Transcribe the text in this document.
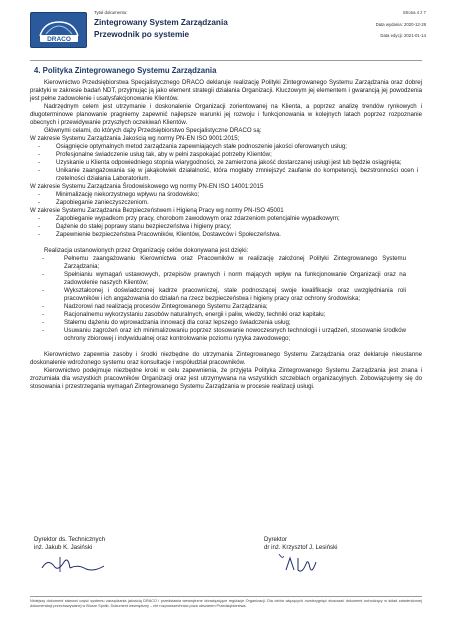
DRACO
Tytuł dokumentu:
Zintegrowany System Zarządzania
Przewodnik po systemie
Strona 4 z 7
Data wydania: 2020-12-28
Data edycji: 2021-01-14
4. Polityka Zintegrowanego Systemu Zarządzania

Kierownictwo Przedsiębiorstwa Specjalistycznego DRACO deklaruje realizację Polityki Zintegrowanego Systemu Zarządzania oraz dobrej praktyki w zakresie badań NDT, przyjmując ją jako element strategii działania Organizacji. Kluczowym jej elementem i gwarancją jej powodzenia jest pełne zadowolenie i usatysfakcjonowanie Klientów.

Nadrzędnym celem jest utrzymanie i doskonalenie Organizacji zorientowanej na Klienta, a poprzez analizę trendów rynkowych i długoterminowe planowanie pragniemy zapewnić najlepsze warunki jej rozwoju i funkcjonowania w kolejnych latach poprzez rozpoznanie obecnych i przewidywanie przyszłych oczekiwań Klientów.

Głównymi celami, do których dąży Przedsiębiorstwo Specjalistyczne DRACO są:

W zakresie Systemu Zarządzania Jakością wg normy PN-EN ISO 9001:2015;

- Osiągnięcie optymalnych metod zarządzania zapewniających stałe podnoszenie jakości oferowanych usług;
- Profesjonalne świadczenie usług tak, aby w pełni zaspokajać potrzeby Klientów;
- Uzyskanie u Klienta odpowiedniego stopnia wiarygodności, ze zamierzona jakość dostarczanej usługi jest lub będzie osiągnięta;
- Unikanie zaangażowania się w jakąkolwiek działalność, która mogłaby zmniejszyć zaufanie do kompetencji, bezstronności ocen i rzetelności działania Laboratorium.

W zakresie Systemu Zarządzania Środowiskowego wg normy PN-EN ISO 14001:2015

- Minimalizację niekorzystnego wpływu na środowisko;
- Zapobieganie zanieczyszczeniom.

W zakresie Systemu Zarządzania Bezpieczeństwem i Higieną Pracy wg normy PN-ISO 45001

- Zapobieganie wypadkom przy pracy, chorobom zawodowym oraz zdarzeniom potencjalnie wypadkowym;
- Dążenie do stałej poprawy stanu bezpieczeństwa i higieny pracy;
- Zapewnienie bezpieczeństwa Pracowników, Klientów, Dostawców i Społeczeństwa.

Realizacja ustanowionych przez Organizację celów dokonywana jest dzięki:

- Pełnemu zaangażowaniu Kierownictwa oraz Pracowników w realizację założonej Polityki Zintegrowanego Systemu Zarządzania;
- Spełnianiu wymagań ustawowych, przepisów prawnych i norm mających wpływ na funkcjonowanie Organizacji oraz na zadowolenie naszych Klientów;
- Wykształconej i doświadczonej kadrze pracowniczej, stale podnoszącej swoje kwalifikacje oraz uwzględniania roli pracowników i ich angażowania do działań na rzecz bezpieczeństwa i higieny pracy oraz ochrony środowiska;
- Nadzorowi nad realizacją procesów Zintegrowanego Systemu Zarządzania;
- Racjonalnemu wykorzystaniu zasobów naturalnych, energii i paliw, wiedzy, techniki oraz kapitału;
- Stałemu dążeniu do wprowadzania innowacji dla coraz lepszego świadczenia usług;
- Usuwaniu zagrożeń oraz ich minimalizowaniu poprzez stosowanie nowoczesnych technologii i urządzeń, stosowanie środków ochrony zbiorowej i indywidualnej oraz kontrolowanie poziomu ryzyka zawodowego;

Kierownictwo zapewnia zasoby i środki niezbędne do utrzymania Zintegrowanego Systemu Zarządzania oraz deklaruje nieustanne doskonalenie wdrożonego systemu oraz konsultacje i współudział pracowników.

Kierownictwo podejmuje niezbędne kroki w celu zapewnienia, że przyjęta Polityka Zintegrowanego Systemu Zarządzania jest znana i zrozumiała dla wszystkich pracowników Organizacji oraz jest utrzymywana na wszystkich szczeblach organizacyjnych. Zobowiązujemy się do stosowania i przestrzegania wymagań Zintegrowanego Systemu Zarządzania w procesie realizacji usługi.

Dyrektor ds. Technicznych
inż. Jakub K. Jasiński
Dyrektor
dr inż. Krzysztof J. Lesiński
Niniejszy dokument stanowi część systemu zarządzania jakością DRACO i przedstawia wewnętrzne obowiązujące regulacje Organizacji. Dla celów więzących rozstrzygnięć stosować dokument wchodzący w skład zatwierdzonej dokumentacji przechowywanej w Biurze Spółki. Dokument wewnętrzny – nie rozpowszechniać poza obszarem Przedsiębiorstwa.
